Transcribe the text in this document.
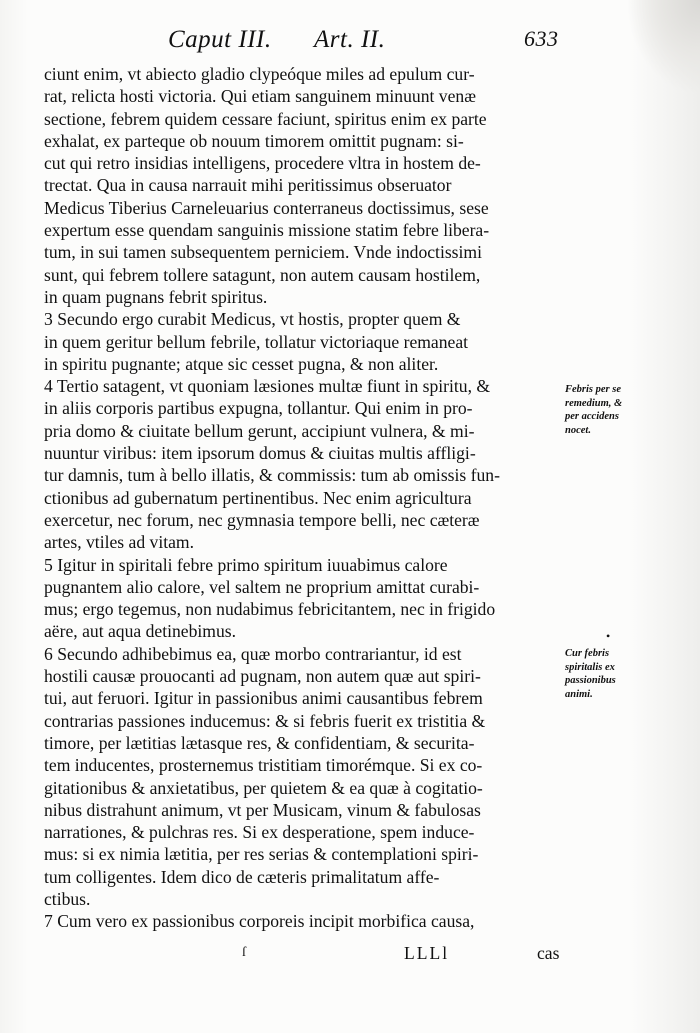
Caput III. Art. II.	633
ciunt enim, vt abiecto gladio clypeóque miles ad epulum cur-
rat, relicta hosti victoria. Qui etiam sanguinem minuunt venæ
sectione, febrem quidem cessare faciunt, spiritus enim ex parte
exhalat, ex parteque ob nouum timorem omittit pugnam: si-
cut qui retro insidias intelligens, procedere vltra in hostem de-
trectat. Qua in causa narrauit mihi peritissimus obseruator
Medicus Tiberius Carneleuarius conterraneus doctissimus, sese
expertum esse quendam sanguinis missione statim febre libera-
tum, in sui tamen subsequentem perniciem. Vnde indoctissimi
sunt, qui febrem tollere satagunt, non autem causam hostilem,
in quam pugnans febrit spiritus.
3 Secundo ergo curabit Medicus, vt hostis, propter quem &
in quem geritur bellum febrile, tollatur victoriaque remaneat
in spiritu pugnante; atque sic cesset pugna, & non aliter.
4 Tertio satagent, vt quoniam læsiones multæ fiunt in spiritu, &
in aliis corporis partibus expugna, tollantur. Qui enim in pro-
pria domo & ciuitate bellum gerunt, accipiunt vulnera, & mi-
nuuntur viribus: item ipsorum domus & ciuitas multis affligi-
tur damnis, tum à bello illatis, & commissis: tum ab omissis fun-
ctionibus ad gubernatum pertinentibus. Nec enim agricultura
exercetur, nec forum, nec gymnasia tempore belli, nec cæteræ
artes, vtiles ad vitam.
5 Igitur in spiritali febre primo spiritum iuuabimus calore
pugnantem alio calore, vel saltem ne proprium amittat curabi-
mus; ergo tegemus, non nudabimus febricitantem, nec in frigido
aëre, aut aqua detinebimus.
6 Secundo adhibebimus ea, quæ morbo contrariantur, id est
hostili causæ prouocanti ad pugnam, non autem quæ aut spiri-
tui, aut feruori. Igitur in passionibus animi causantibus febrem
contrarias passiones inducemus: & si febris fuerit ex tristitia &
timore, per lætitias lætasque res, & confidentiam, & securita-
tem inducentes, prosternemus tristitiam timorémque. Si ex co-
gitationibus & anxietatibus, per quietem & ea quæ à cogitatio-
nibus distrahunt animum, vt per Musicam, vinum & fabulosas
narrationes, & pulchras res. Si ex desperatione, spem induce-
mus: si ex nimia lætitia, per res serias & contemplationi spiri-
tum colligentes. Idem dico de cæteris primalitatum affe-
ctibus.
7 Cum vero ex passionibus corporeis incipit morbifica causa,
Febris per se
remedium, &
per accidens
nocet.
Cur febris
spiritalis ex
passionibus
animi.
•
ſ	LLLl	cas
